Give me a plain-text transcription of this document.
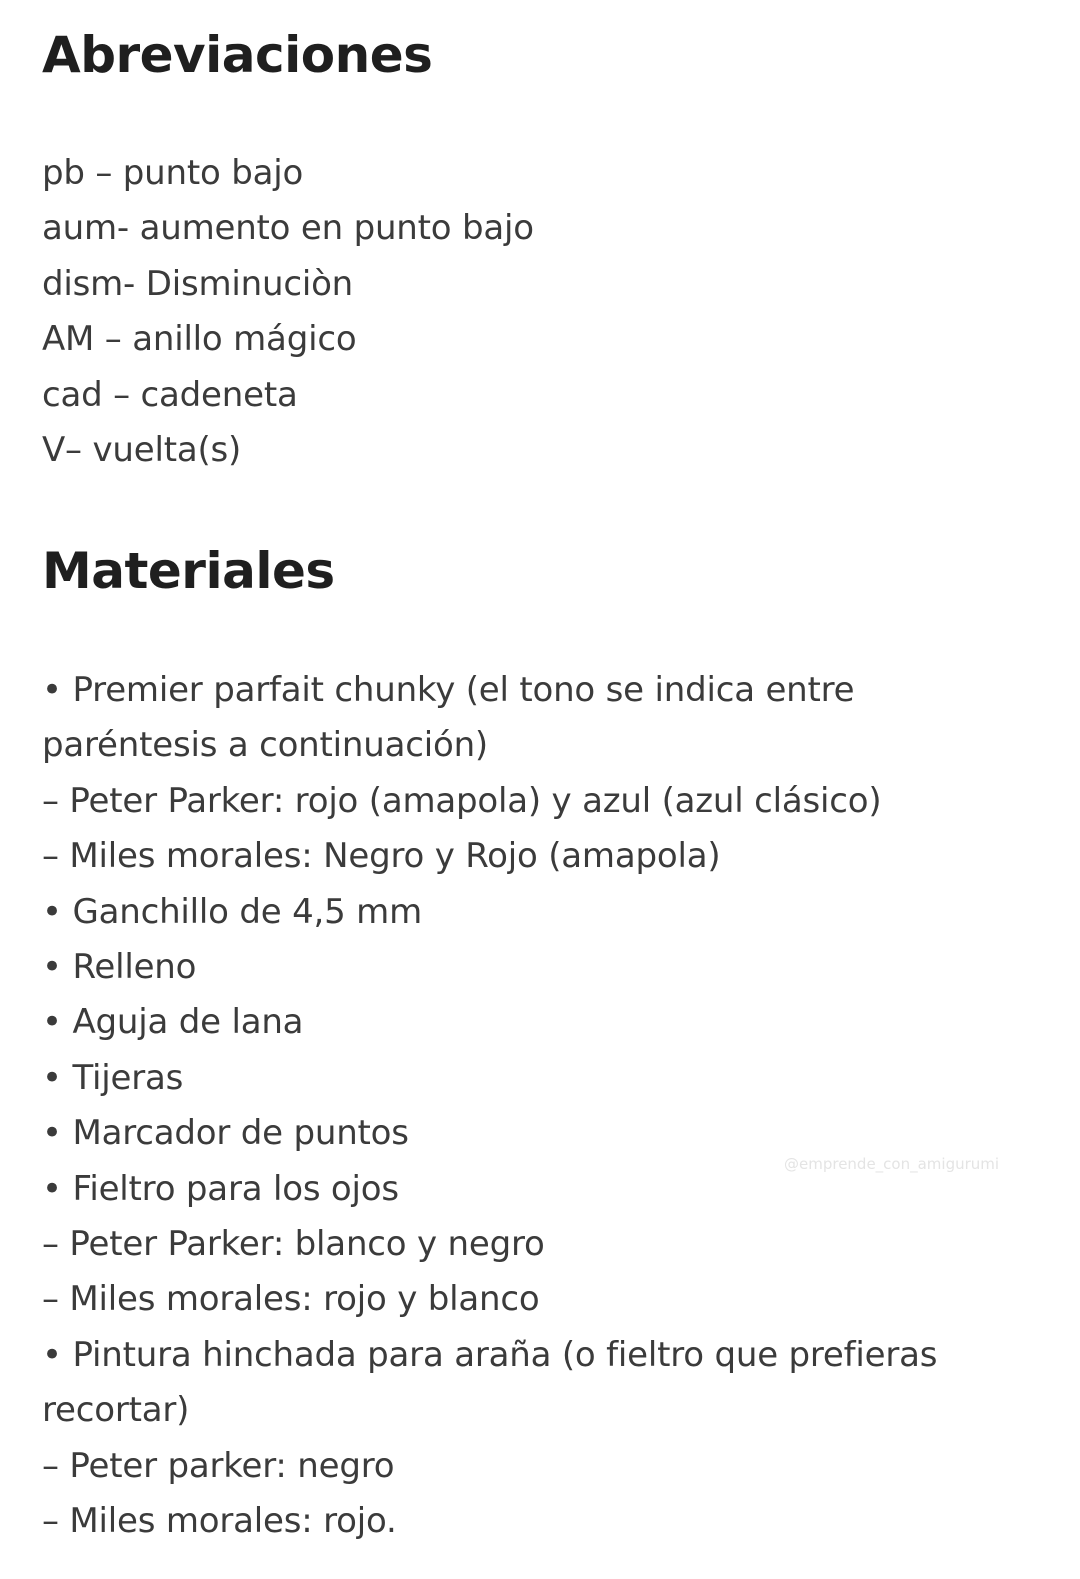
Abreviaciones
pb – punto bajo
aum- aumento en punto bajo
dism- Disminuciòn
AM – anillo mágico
cad – cadeneta
V– vuelta(s)
Materiales
• Premier parfait chunky (el tono se indica entre paréntesis a continuación)
– Peter Parker: rojo (amapola) y azul (azul clásico)
– Miles morales: Negro y Rojo (amapola)
• Ganchillo de 4,5 mm
• Relleno
• Aguja de lana
• Tijeras
• Marcador de puntos
• Fieltro para los ojos
– Peter Parker: blanco y negro
– Miles morales: rojo y blanco
• Pintura hinchada para araña (o fieltro que prefieras recortar)
– Peter parker: negro
– Miles morales: rojo.
@emprende_con_amigurumi
